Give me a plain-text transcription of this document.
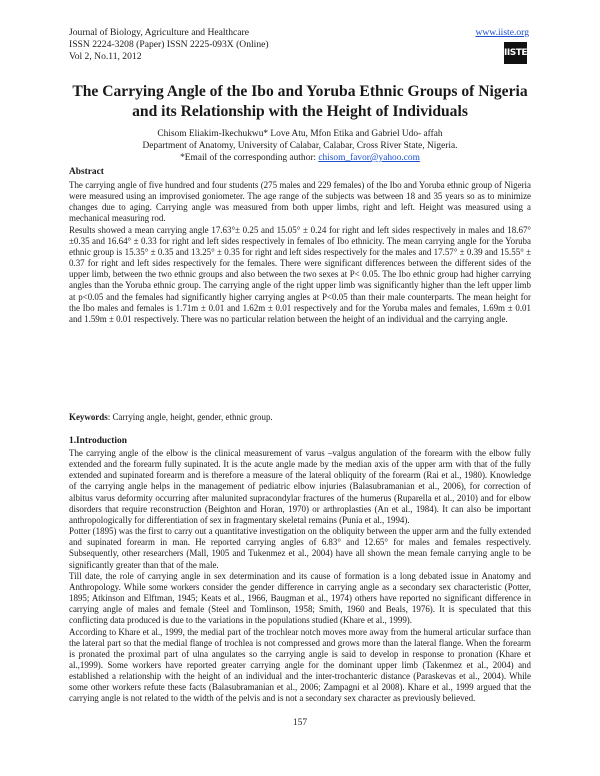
Journal of Biology, Agriculture and Healthcare
ISSN 2224-3208 (Paper) ISSN 2225-093X (Online)
Vol 2, No.11, 2012
www.iiste.org
IISTE
The Carrying Angle of the Ibo and Yoruba Ethnic Groups of Nigeria and its Relationship with the Height of Individuals
Chisom Eliakim-Ikechukwu* Love Atu, Mfon Etika and Gabriel Udo- affah
Department of Anatomy, University of Calabar, Calabar, Cross River State, Nigeria.
*Email of the corresponding author: chisom_favor@yahoo.com
Abstract

The carrying angle of five hundred and four students (275 males and 229 females) of the Ibo and Yoruba ethnic group of Nigeria were measured using an improvised goniometer. The age range of the subjects was between 18 and 35 years so as to minimize changes due to aging. Carrying angle was measured from both upper limbs, right and left. Height was measured using a mechanical measuring rod.

Results showed a mean carrying angle 17.63°± 0.25 and 15.05° ± 0.24 for right and left sides respectively in males and 18.67° ±0.35 and 16.64° ± 0.33 for right and left sides respectively in females of Ibo ethnicity. The mean carrying angle for the Yoruba ethnic group is 15.35° ± 0.35 and 13.25° ± 0.35 for right and left sides respectively for the males and 17.57° ± 0.39 and 15.55° ± 0.37 for right and left sides respectively for the females. There were significant differences between the different sides of the upper limb, between the two ethnic groups and also between the two sexes at P< 0.05. The Ibo ethnic group had higher carrying angles than the Yoruba ethnic group. The carrying angle of the right upper limb was significantly higher than the left upper limb at p<0.05 and the females had significantly higher carrying angles at P<0.05 than their male counterparts. The mean height for the Ibo males and females is 1.71m ± 0.01 and 1.62m ± 0.01 respectively and for the Yoruba males and females, 1.69m ± 0.01 and 1.59m ± 0.01 respectively. There was no particular relation between the height of an individual and the carrying angle.

Keywords: Carrying angle, height, gender, ethnic group.
1.Introduction

The carrying angle of the elbow is the clinical measurement of varus –valgus angulation of the forearm with the elbow fully extended and the forearm fully supinated. It is the acute angle made by the median axis of the upper arm with that of the fully extended and supinated forearm and is therefore a measure of the lateral obliquity of the forearm (Rai et al., 1980). Knowledge of the carrying angle helps in the management of pediatric elbow injuries (Balasubramanian et al., 2006), for correction of albitus varus deformity occurring after malunited supracondylar fractures of the humerus (Ruparella et al., 2010) and for elbow disorders that require reconstruction (Beighton and Horan, 1970) or arthroplasties (An et al., 1984). It can also be important anthropologically for differentiation of sex in fragmentary skeletal remains (Punia et al., 1994).

Potter (1895) was the first to carry out a quantitative investigation on the obliquity between the upper arm and the fully extended and supinated forearm in man. He reported carrying angles of 6.83° and 12.65° for males and females respectively. Subsequently, other researchers (Mall, 1905 and Tukenmez et al., 2004) have all shown the mean female carrying angle to be significantly greater than that of the male.

Till date, the role of carrying angle in sex determination and its cause of formation is a long debated issue in Anatomy and Anthropology. While some workers consider the gender difference in carrying angle as a secondary sex characteristic (Potter, 1895; Atkinson and Elftman, 1945; Keats et al., 1966, Baugman et al., 1974) others have reported no significant difference in carrying angle of males and female (Steel and Tomlinson, 1958; Smith, 1960 and Beals, 1976). It is speculated that this conflicting data produced is due to the variations in the populations studied (Khare et al., 1999).

According to Khare et al., 1999, the medial part of the trochlear notch moves more away from the humeral articular surface than the lateral part so that the medial flange of trochlea is not compressed and grows more than the lateral flange. When the forearm is pronated the proximal part of ulna angulates so the carrying angle is said to develop in response to pronation (Khare et al.,1999). Some workers have reported greater carrying angle for the dominant upper limb (Takenmez et al., 2004) and established a relationship with the height of an individual and the inter-trochanteric distance (Paraskevas et al., 2004). While some other workers refute these facts (Balasubramanian et al., 2006; Zampagni et al 2008). Khare et al., 1999 argued that the carrying angle is not related to the width of the pelvis and is not a secondary sex character as previously believed.

157
